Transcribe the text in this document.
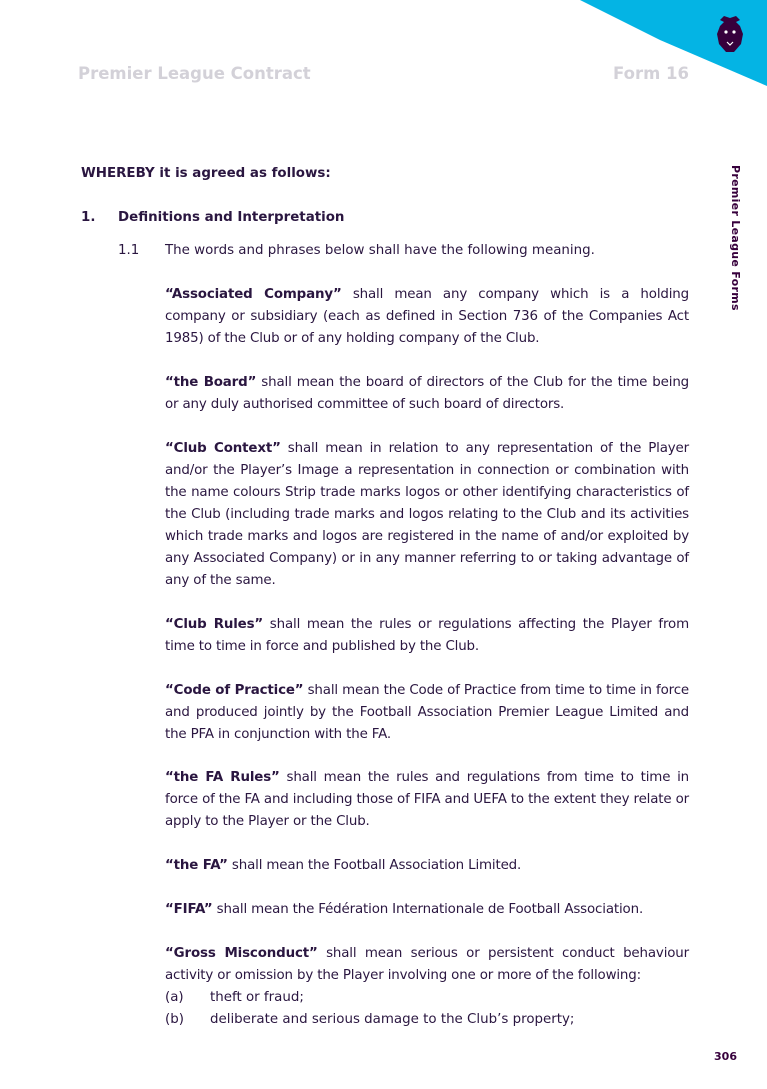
Premier League Contract	Form 16
Premier League Forms
WHEREBY it is agreed as follows:
1. Definitions and Interpretation
1.1 The words and phrases below shall have the following meaning.

“Associated Company” shall mean any company which is a holding company or subsidiary (each as defined in Section 736 of the Companies Act 1985) of the Club or of any holding company of the Club.

“the Board” shall mean the board of directors of the Club for the time being or any duly authorised committee of such board of directors.

“Club Context” shall mean in relation to any representation of the Player and/or the Player’s Image a representation in connection or combination with the name colours Strip trade marks logos or other identifying characteristics of the Club (including trade marks and logos relating to the Club and its activities which trade marks and logos are registered in the name of and/or exploited by any Associated Company) or in any manner referring to or taking advantage of any of the same.

“Club Rules” shall mean the rules or regulations affecting the Player from time to time in force and published by the Club.

“Code of Practice” shall mean the Code of Practice from time to time in force and produced jointly by the Football Association Premier League Limited and the PFA in conjunction with the FA.

“the FA Rules” shall mean the rules and regulations from time to time in force of the FA and including those of FIFA and UEFA to the extent they relate or apply to the Player or the Club.

“the FA” shall mean the Football Association Limited.

“FIFA” shall mean the Fédération Internationale de Football Association.

“Gross Misconduct” shall mean serious or persistent conduct behaviour activity or omission by the Player involving one or more of the following:

(a) theft or fraud;
(b) deliberate and serious damage to the Club’s property;
306
